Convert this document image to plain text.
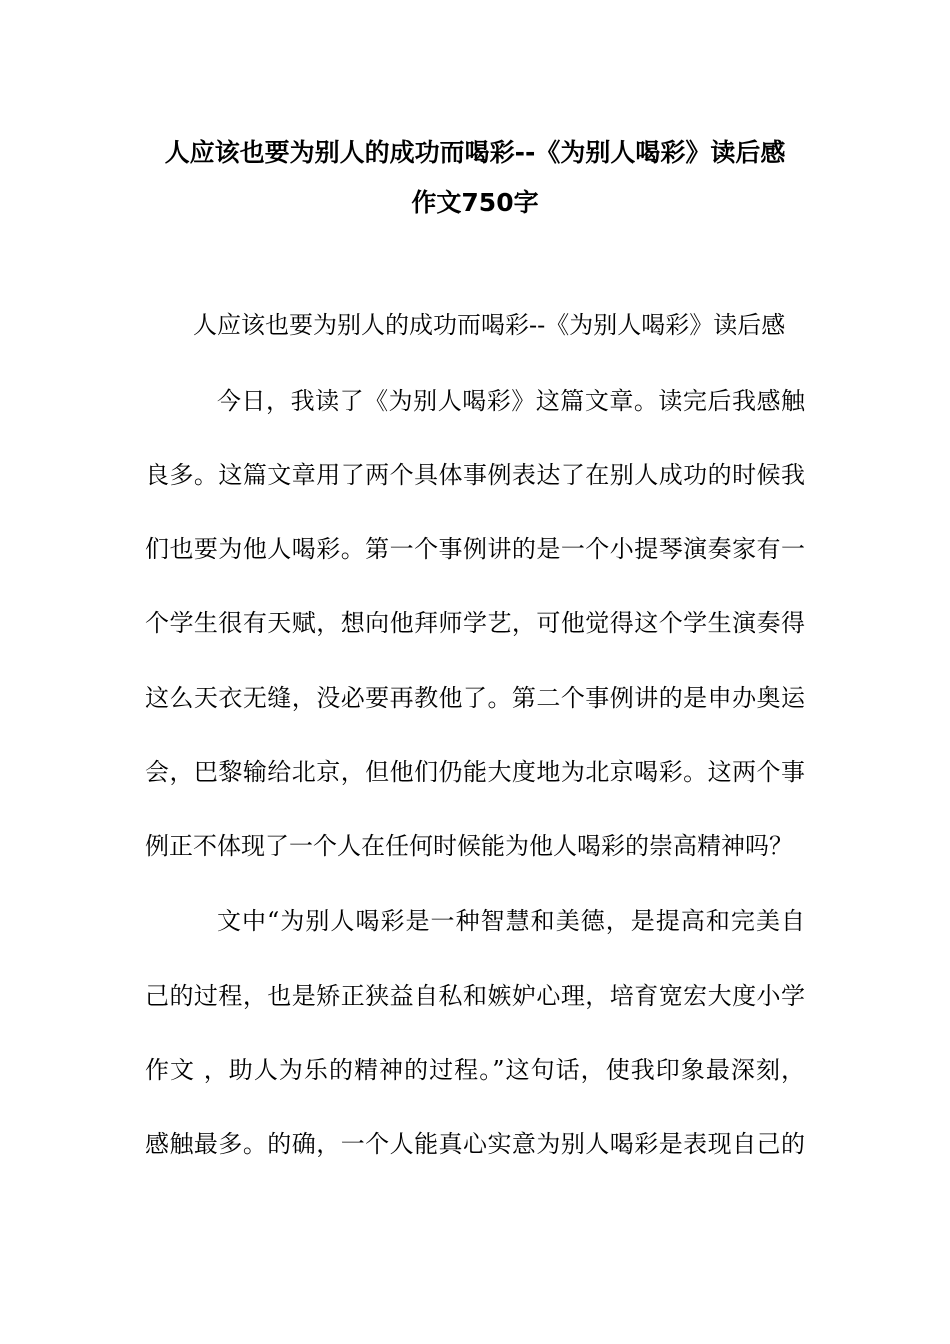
人应该也要为别人的成功而喝彩--《为别人喝彩》读后感
作文750字
人应该也要为别人的成功而喝彩--《为别人喝彩》读后感
今日，我读了《为别人喝彩》这篇文章。读完后我感触
良多。这篇文章用了两个具体事例表达了在别人成功的时候我
们也要为他人喝彩。第一个事例讲的是一个小提琴演奏家有一
个学生很有天赋，想向他拜师学艺，可他觉得这个学生演奏得
这么天衣无缝，没必要再教他了。第二个事例讲的是申办奥运
会，巴黎输给北京，但他们仍能大度地为北京喝彩。这两个事
例正不体现了一个人在任何时候能为他人喝彩的崇高精神吗？
文中“为别人喝彩是一种智慧和美德，是提高和完美自
己的过程，也是矫正狭益自私和嫉妒心理，培育宽宏大度小学
作文 ，助人为乐的精神的过程。”这句话，使我印象最深刻，
感触最多。的确，一个人能真心实意为别人喝彩是表现自己的
